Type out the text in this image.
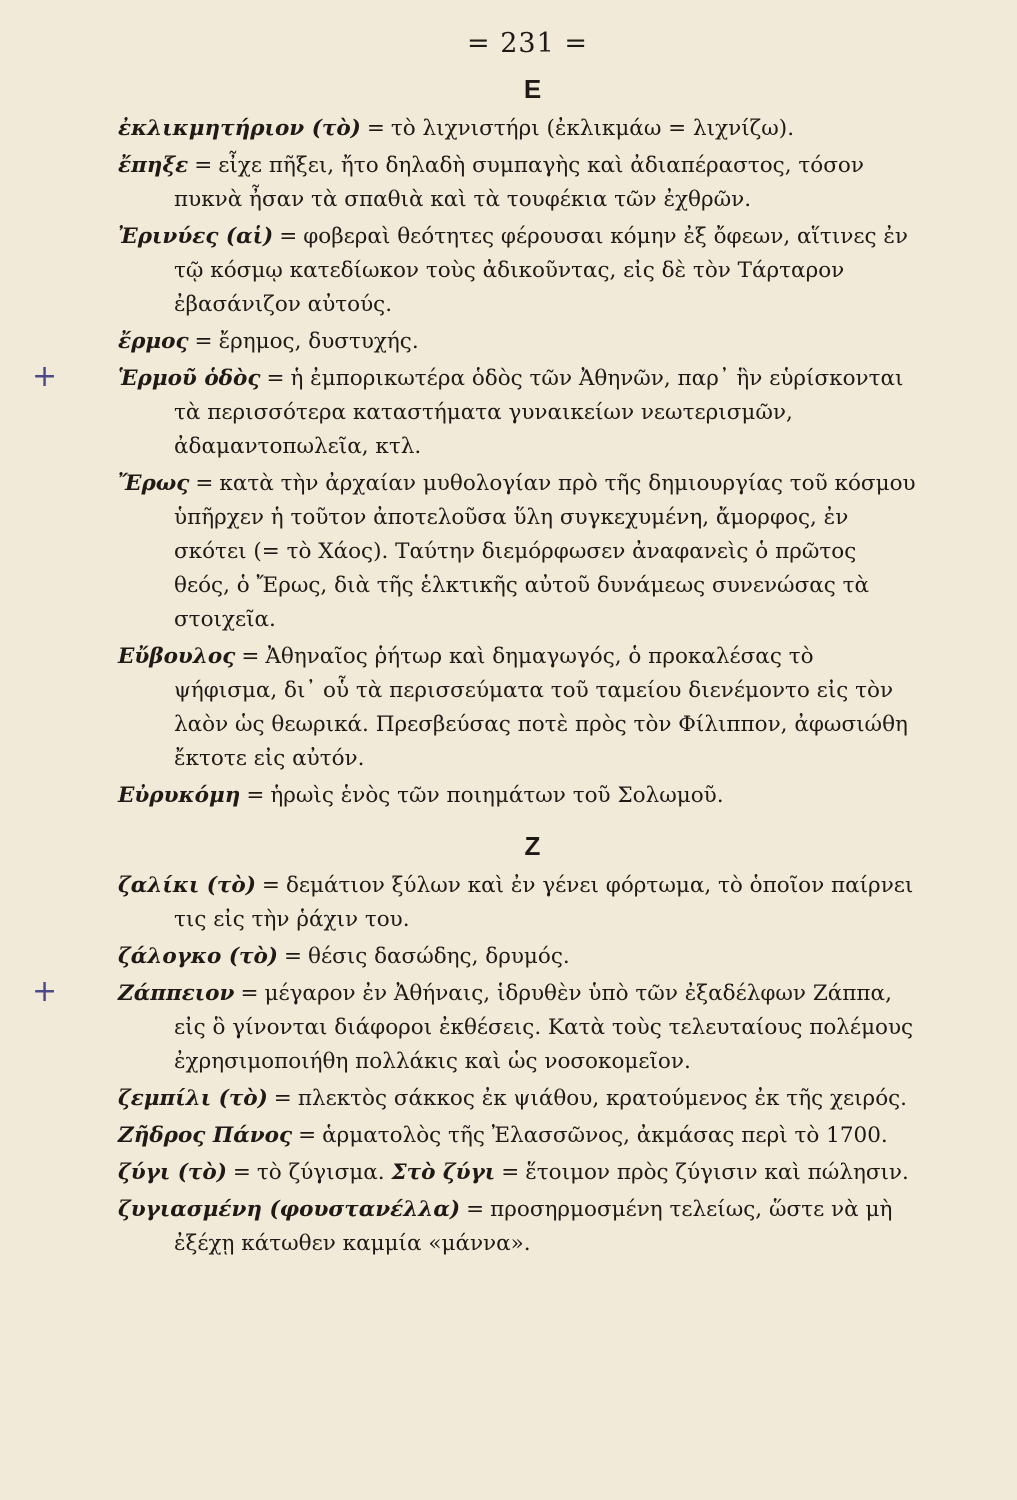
= 231 =
Ε

ἐκλικμητήριον (τὸ) = τὸ λιχνιστήρι (ἐκλικμάω = λιχνίζω).

ἔπηξε = εἶχε πῆξει, ἤτο δηλαδὴ συμπαγὴς καὶ ἀδιαπέραστος, τόσον πυκνὰ ἦσαν τὰ σπαθιὰ καὶ τὰ τουφέκια τῶν ἐχθρῶν.

Ἐρινύες (αἱ) = φοβεραὶ θεότητες φέρουσαι κόμην ἐξ ὄφεων, αἵτινες ἐν τῷ κόσμῳ κατεδίωκον τοὺς ἀδικοῦντας, εἰς δὲ τὸν Τάρταρον ἐβασάνιζον αὐτούς.

ἔρμος = ἔρημος, δυστυχής.

+	Ἑρμοῦ ὁδὸς = ἡ ἐμπορικωτέρα ὁδὸς τῶν Ἀθηνῶν, παρ᾿ ἣν εὑρίσκονται τὰ περισσότερα καταστήματα γυναικείων νεωτερισμῶν, ἀδαμαντοπωλεῖα, κτλ.

Ἔρως = κατὰ τὴν ἀρχαίαν μυθολογίαν πρὸ τῆς δημιουργίας τοῦ κόσμου ὑπῆρχεν ἡ τοῦτον ἀποτελοῦσα ὕλη συγκεχυμένη, ἄμορφος, ἐν σκότει (= τὸ Χάος). Ταύτην διεμόρφωσεν ἀναφανεὶς ὁ πρῶτος θεός, ὁ Ἔρως, διὰ τῆς ἑλκτικῆς αὐτοῦ δυνάμεως συνενώσας τὰ στοιχεῖα.

Εὔβουλος = Ἀθηναῖος ῥήτωρ καὶ δημαγωγός, ὁ προκαλέσας τὸ ψήφισμα, δι᾿ οὗ τὰ περισσεύματα τοῦ ταμείου διενέμοντο εἰς τὸν λαὸν ὡς θεωρικά. Πρεσβεύσας ποτὲ πρὸς τὸν Φίλιππον, ἀφωσιώθη ἔκτοτε εἰς αὐτόν.

Εὐρυκόμη = ἡρωὶς ἑνὸς τῶν ποιημάτων τοῦ Σολωμοῦ.

Ζ

ζαλίκι (τὸ) = δεμάτιον ξύλων καὶ ἐν γένει φόρτωμα, τὸ ὁποῖον παίρνει τις εἰς τὴν ῥάχιν του.

ζάλογκο (τὸ) = θέσις δασώδης, δρυμός.

+	Ζάππειον = μέγαρον ἐν Ἀθήναις, ἱδρυθὲν ὑπὸ τῶν ἐξαδέλφων Ζάππα, εἰς ὃ γίνονται διάφοροι ἐκθέσεις. Κατὰ τοὺς τελευταίους πολέμους ἐχρησιμοποιήθη πολλάκις καὶ ὡς νοσοκομεῖον.

ζεμπίλι (τὸ) = πλεκτὸς σάκκος ἐκ ψιάθου, κρατούμενος ἐκ τῆς χειρός.

Ζῆδρος Πάνος = ἁρματολὸς τῆς Ἐλασσῶνος, ἀκμάσας περὶ τὸ 1700.

ζύγι (τὸ) = τὸ ζύγισμα. Στὸ ζύγι = ἕτοιμον πρὸς ζύγισιν καὶ πώλησιν.

ζυγιασμένη (φουστανέλλα) = προσηρμοσμένη τελείως, ὥστε νὰ μὴ ἐξέχῃ κάτωθεν καμμία «μάννα».
